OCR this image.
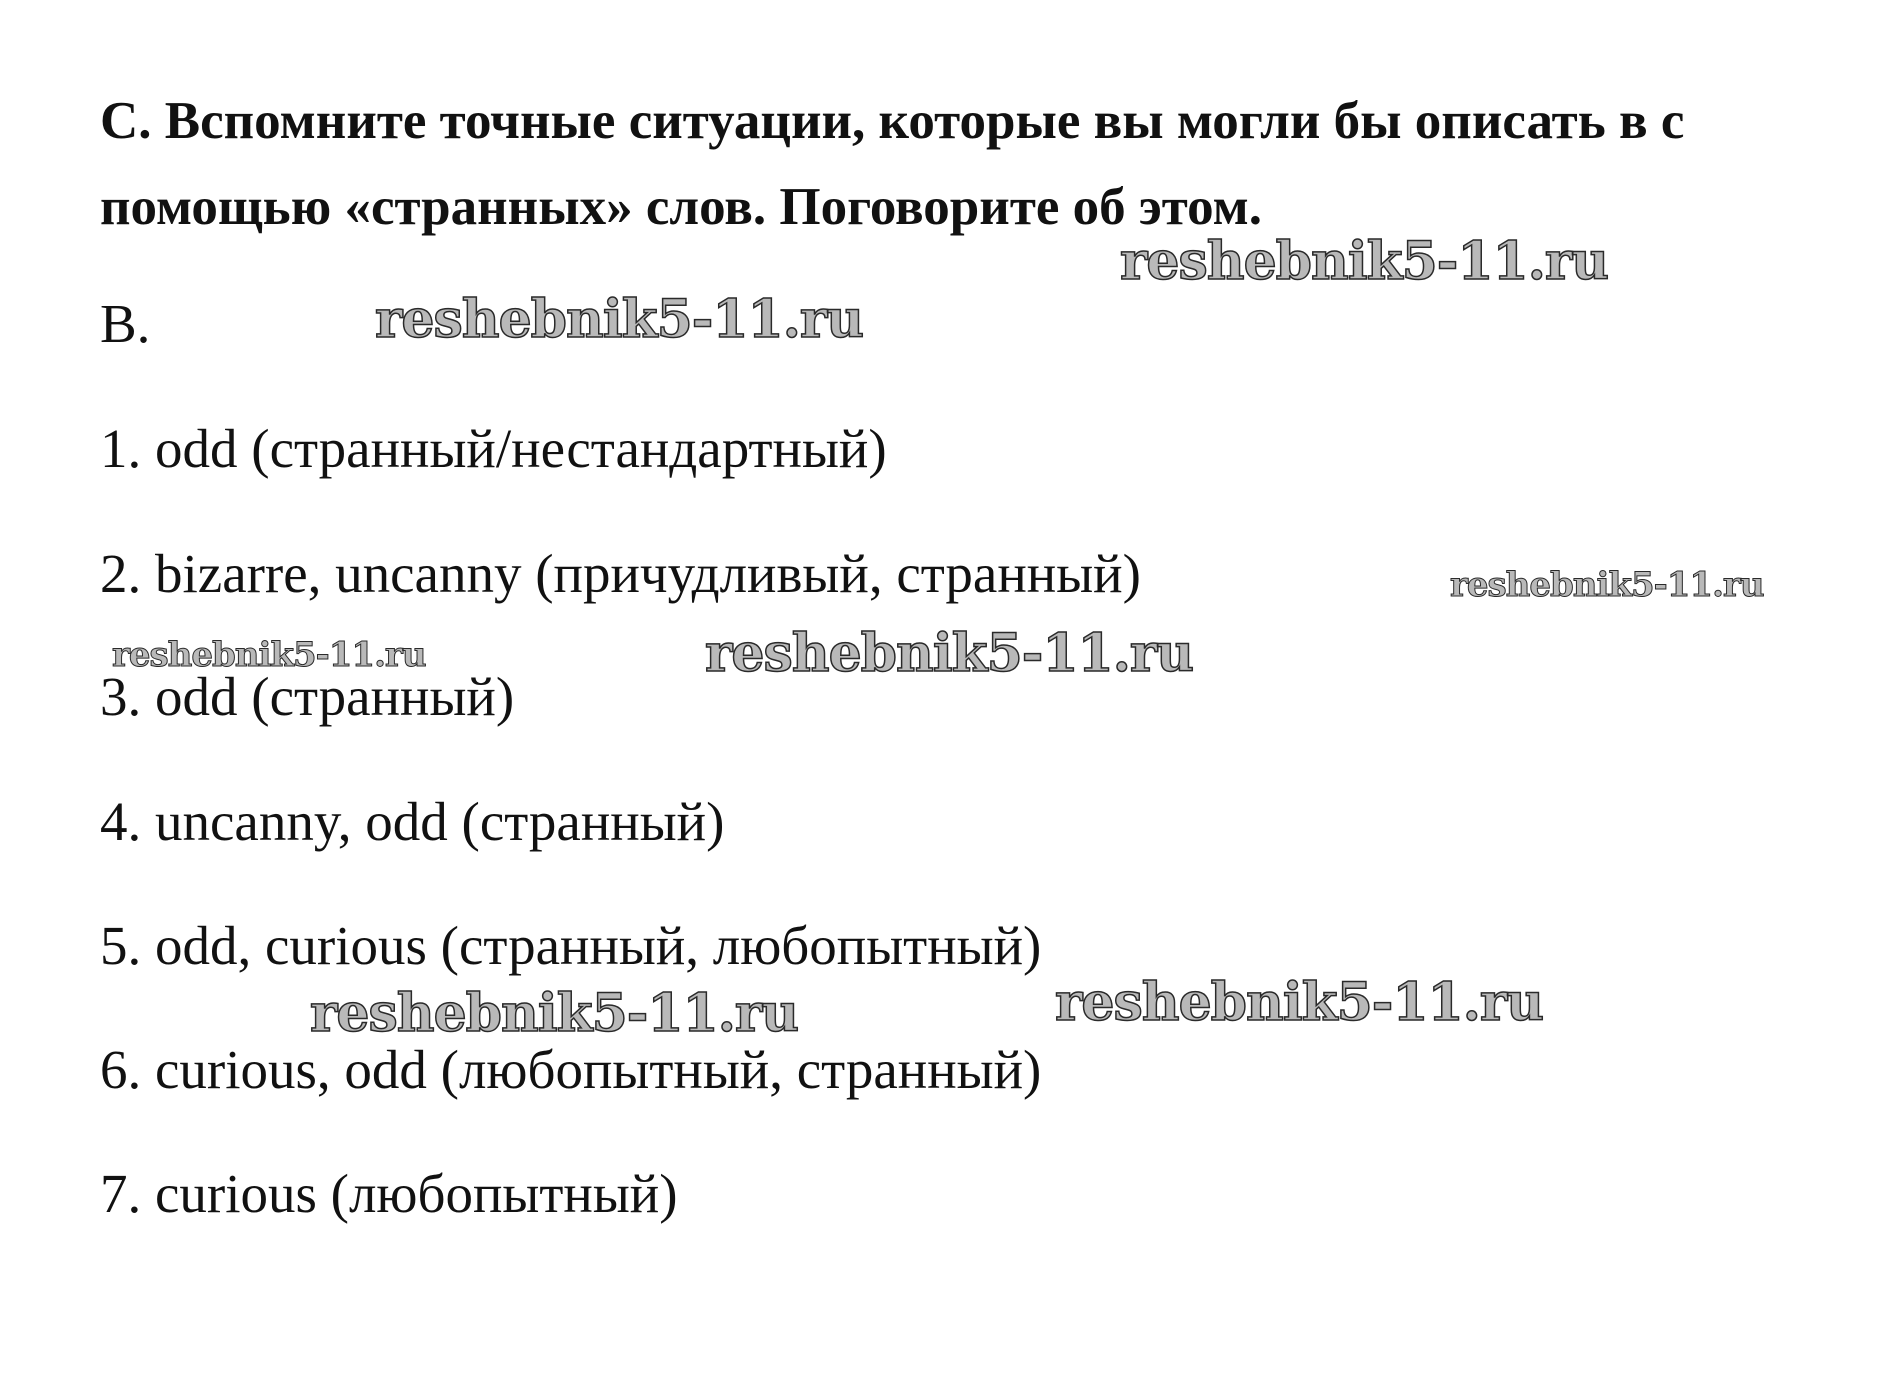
С. Вспомните точные ситуации, которые вы могли бы описать в с помощью «странных» слов. Поговорите об этом.

В.

1. odd (странный/нестандартный)
2. bizarre, uncanny (причудливый, странный)
3. odd (странный)
4. uncanny, odd (странный)
5. odd, curious (странный, любопытный)
6. curious, odd (любопытный, странный)
7. curious (любопытный)
reshebnik5-11.ru
reshebnik5-11.ru
reshebnik5-11.ru
reshebnik5-11.ru	reshebnik5-11.ru
reshebnik5-11.ru	reshebnik5-11.ru
